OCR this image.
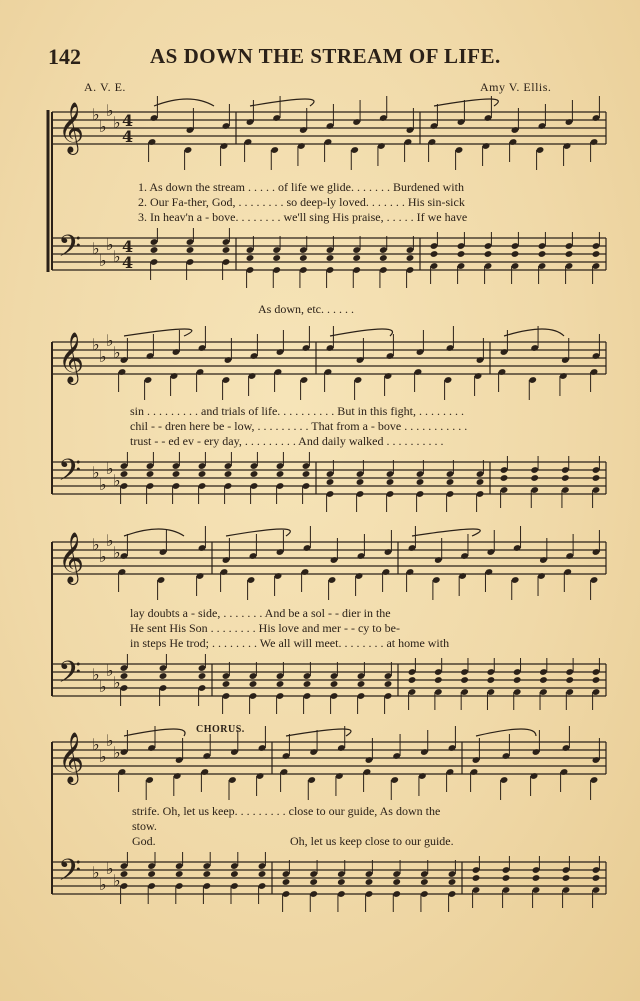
142	AS DOWN THE STREAM OF LIFE.
A. V. E.	Amy V. Ellis.
𝄞
𝄢
♭
♭
♭
♭
♭
♭
♭
♭
4
4
4
4
𝄞
𝄢
♭
♭
♭
♭
♭
♭
♭
♭
𝄞
𝄢
♭
♭
♭
♭
♭
♭
♭
♭
𝄞
𝄢
♭
♭
♭
♭
♭
♭
♭
♭
1. As down the stream . . . . . of life we glide. . . . . . . Burdened with
2. Our Fa-ther, God, . . . . . . . . so deep-ly loved. . . . . . . His sin-sick
3. In heav'n a - bove. . . . . . . . we'll sing His praise, . . . . . If we have
As down, etc. . . . . .
sin . . . . . . . . . and trials of life. . . . . . . . . . But in this fight, . . . . . . . .
chil - - dren here be - low, . . . . . . . . . That from a - bove . . . . . . . . . . .
trust - - ed ev - ery day, . . . . . . . . . And daily walked . . . . . . . . . .
lay doubts a - side, . . . . . . . And be a sol - - dier in the
He sent His Son . . . . . . . . His love and mer - - cy to be-
in steps He trod; . . . . . . . . We all will meet. . . . . . . . at home with
CHORUS.
strife. Oh, let us keep. . . . . . . . . close to our guide, As down the
stow.
God.	Oh, let us keep close to our guide.
